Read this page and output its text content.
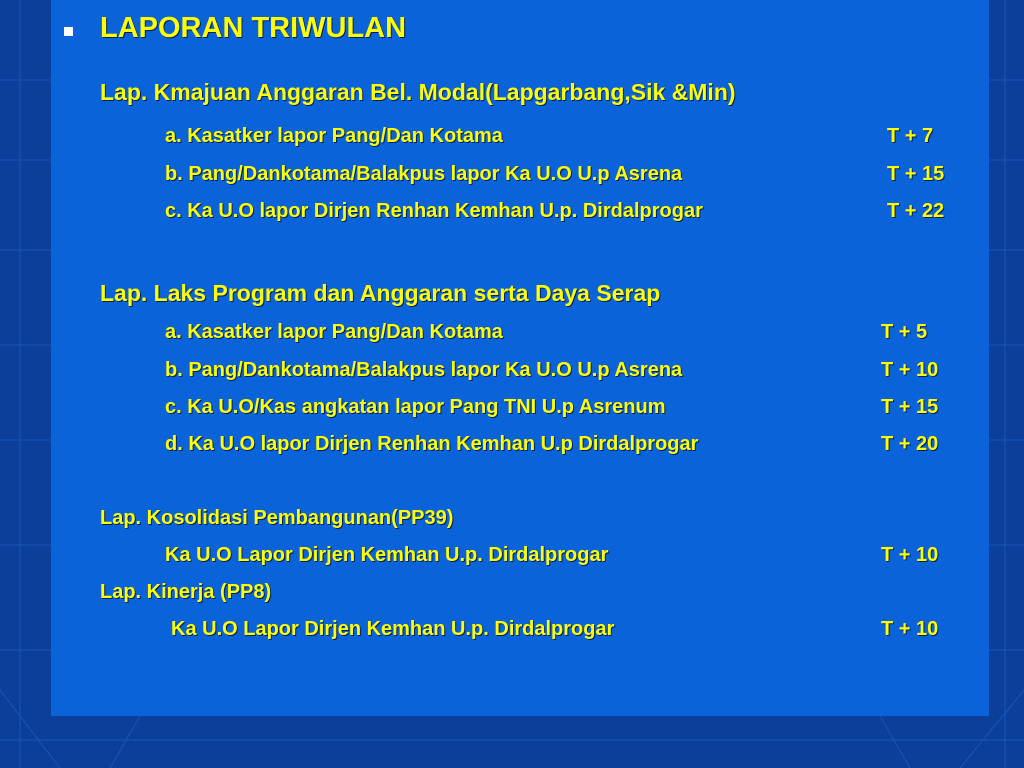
LAPORAN TRIWULAN
Lap. Kmajuan Anggaran Bel. Modal(Lapgarbang,Sik &Min)
a. Kasatker lapor Pang/Dan Kotama	T + 7
b. Pang/Dankotama/Balakpus lapor Ka U.O U.p Asrena	T + 15
c. Ka U.O lapor Dirjen Renhan Kemhan U.p. Dirdalprogar	T + 22
Lap. Laks Program dan Anggaran serta Daya Serap
a. Kasatker lapor Pang/Dan Kotama	T + 5
b. Pang/Dankotama/Balakpus lapor Ka U.O U.p Asrena	T + 10
c. Ka U.O/Kas angkatan lapor Pang TNI U.p Asrenum	T + 15
d. Ka U.O lapor Dirjen Renhan Kemhan U.p Dirdalprogar	T + 20
Lap. Kosolidasi Pembangunan(PP39)
Ka U.O Lapor Dirjen Kemhan U.p. Dirdalprogar	T + 10
Lap. Kinerja (PP8)
Ka U.O Lapor Dirjen Kemhan U.p. Dirdalprogar	T + 10
